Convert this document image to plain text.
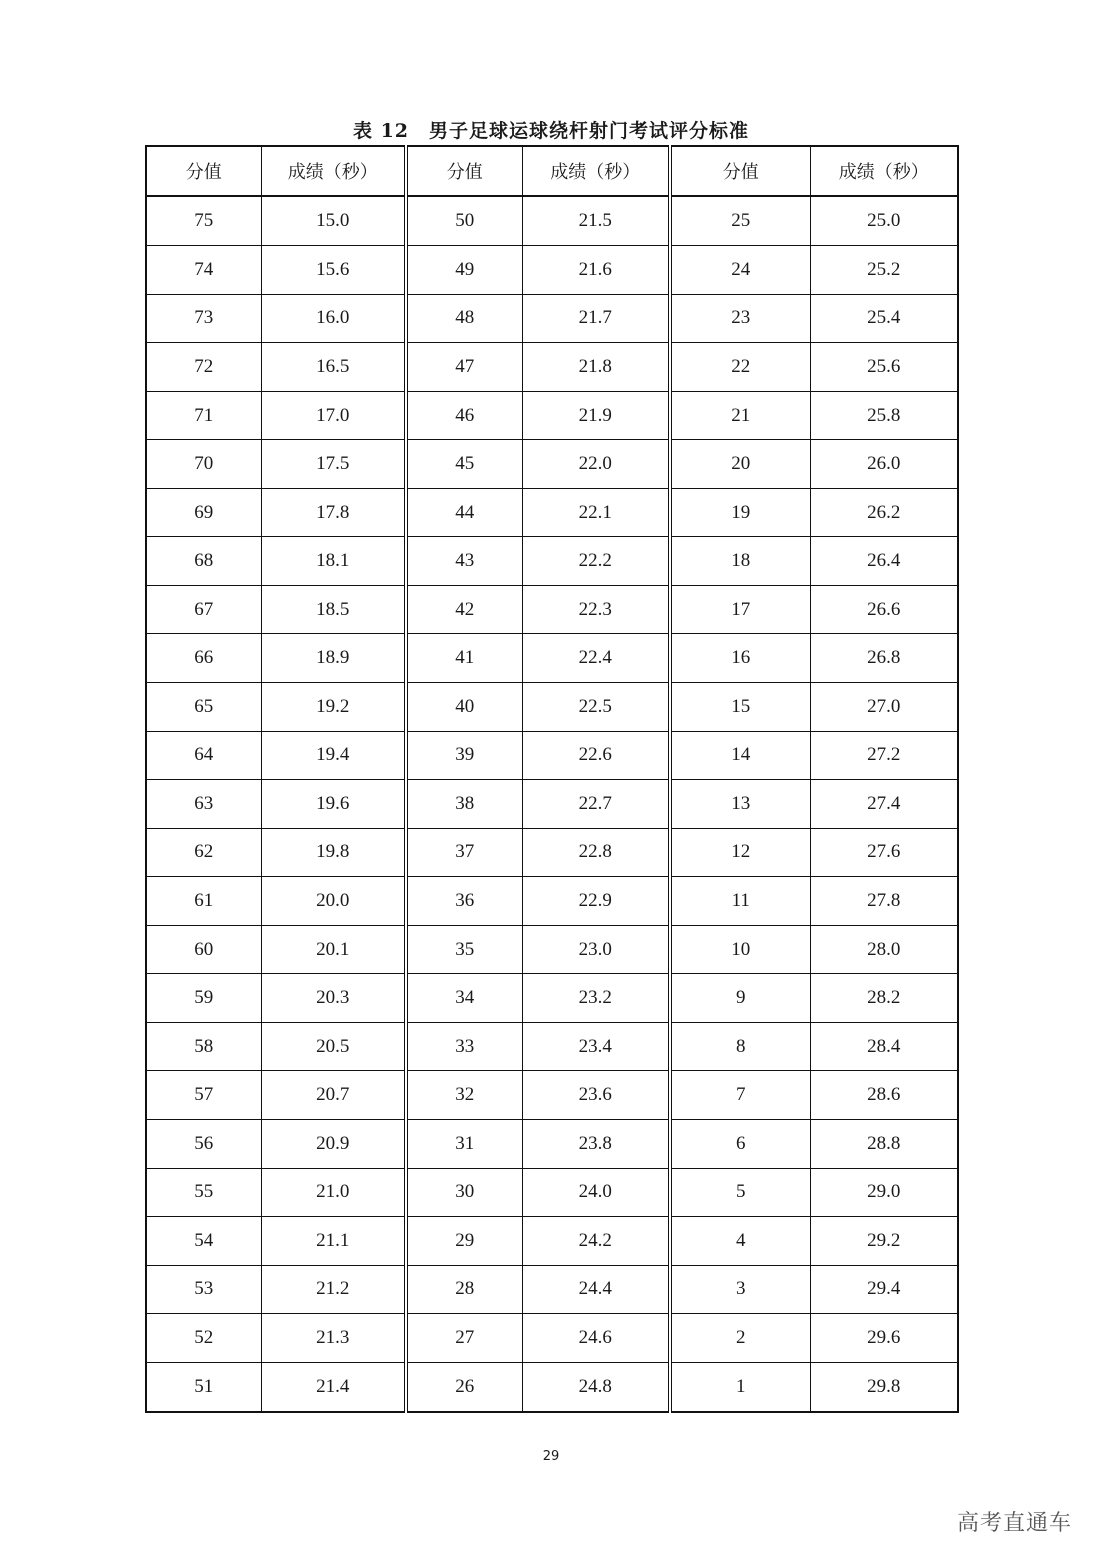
表 12　男子足球运球绕杆射门考试评分标准
分值	成绩（秒）	分值	成绩（秒）	分值	成绩（秒）
75	15.0	50	21.5	25	25.0
74	15.6	49	21.6	24	25.2
73	16.0	48	21.7	23	25.4
72	16.5	47	21.8	22	25.6
71	17.0	46	21.9	21	25.8
70	17.5	45	22.0	20	26.0
69	17.8	44	22.1	19	26.2
68	18.1	43	22.2	18	26.4
67	18.5	42	22.3	17	26.6
66	18.9	41	22.4	16	26.8
65	19.2	40	22.5	15	27.0
64	19.4	39	22.6	14	27.2
63	19.6	38	22.7	13	27.4
62	19.8	37	22.8	12	27.6
61	20.0	36	22.9	11	27.8
60	20.1	35	23.0	10	28.0
59	20.3	34	23.2	9	28.2
58	20.5	33	23.4	8	28.4
57	20.7	32	23.6	7	28.6
56	20.9	31	23.8	6	28.8
55	21.0	30	24.0	5	29.0
54	21.1	29	24.2	4	29.2
53	21.2	28	24.4	3	29.4
52	21.3	27	24.6	2	29.6
51	21.4	26	24.8	1	29.8
29
高考直通车
